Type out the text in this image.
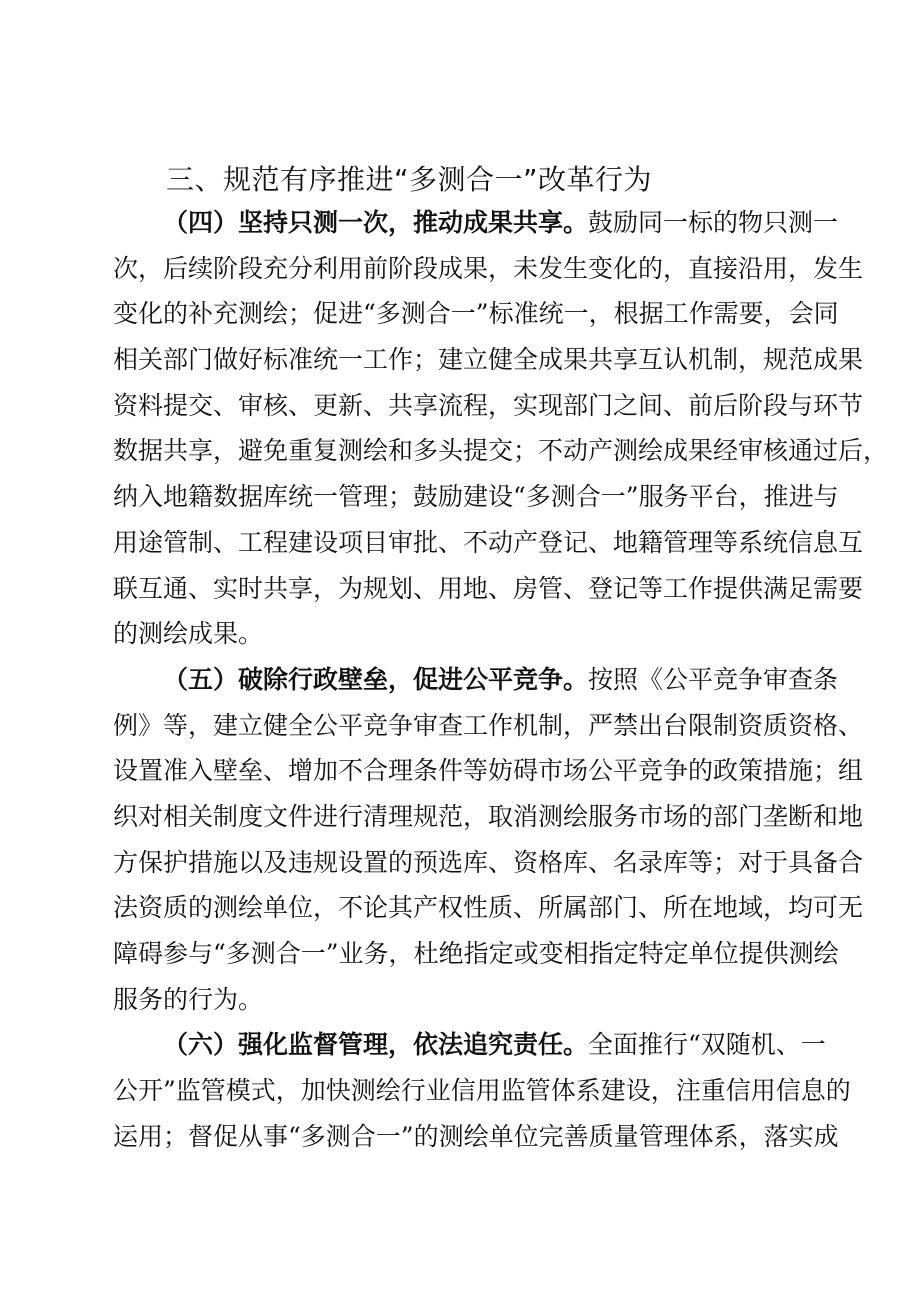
三、规范有序推进“多测合一”改革行为
（四）坚持只测一次，推动成果共享。鼓励同一标的物只测一
次，后续阶段充分利用前阶段成果，未发生变化的，直接沿用，发生
变化的补充测绘；促进“多测合一”标准统一，根据工作需要，会同
相关部门做好标准统一工作；建立健全成果共享互认机制，规范成果
资料提交、审核、更新、共享流程，实现部门之间、前后阶段与环节
数据共享，避免重复测绘和多头提交；不动产测绘成果经审核通过后，
纳入地籍数据库统一管理；鼓励建设“多测合一”服务平台，推进与
用途管制、工程建设项目审批、不动产登记、地籍管理等系统信息互
联互通、实时共享，为规划、用地、房管、登记等工作提供满足需要
的测绘成果。
（五）破除行政壁垒，促进公平竞争。按照《公平竞争审查条
例》等，建立健全公平竞争审查工作机制，严禁出台限制资质资格、
设置准入壁垒、增加不合理条件等妨碍市场公平竞争的政策措施；组
织对相关制度文件进行清理规范，取消测绘服务市场的部门垄断和地
方保护措施以及违规设置的预选库、资格库、名录库等；对于具备合
法资质的测绘单位，不论其产权性质、所属部门、所在地域，均可无
障碍参与“多测合一”业务，杜绝指定或变相指定特定单位提供测绘
服务的行为。
（六）强化监督管理，依法追究责任。全面推行“双随机、一
公开”监管模式，加快测绘行业信用监管体系建设，注重信用信息的
运用；督促从事“多测合一”的测绘单位完善质量管理体系，落实成
